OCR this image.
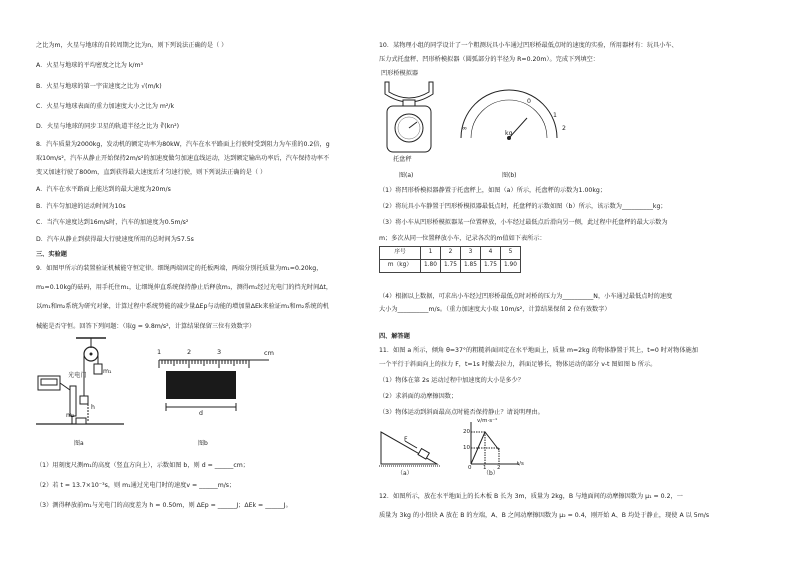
之比为m，火星与地球的自转周期之比为n，则下列说法正确的是（ ）
A．火星与地球的平均密度之比为 k/m³
B．火星与地球的第一宇宙速度之比为 √(m/k)
C．火星与地球表面的重力加速度大小之比为 m²/k
D．火星与地球的同步卫星的轨道半径之比为 ∛(kn²)
8．汽车质量为2000kg，发动机的额定功率为80kW，汽车在水平路面上行驶时受到阻力为车重的0.2倍，g
取10m/s²，汽车从静止开始保持2m/s²的加速度做匀加速直线运动，达到额定输出功率后，汽车保持功率不
变又加速行驶了800m，直到获得最大速度后才匀速行驶，则下列说法正确的是（ ）
A．汽车在水平路面上能达到的最大速度为20m/s
B．汽车匀加速的运动时间为10s
C．当汽车速度达到16m/s时，汽车的加速度为0.5m/s²
D．汽车从静止到获得最大行驶速度所用的总时间为57.5s
三、实验题
9．如图甲所示的装置验证机械能守恒定律。细绳两端固定的托板两端，两端分别托质量为m₁=0.20kg，
m₂=0.10kg的砝码，用手托住m₁，让细绳伸直系统保持静止后释放m₁，测得m₁经过光电门的挡光时间Δt，
以m₁和m₂系统为研究对象，计算过程中系统势能的减少量ΔEp与动能的增加量ΔEk来验证m₁和m₂系统的机
械能是否守恒。回答下列问题：（取g = 9.8m/s²，计算结果保留三位有效数字）
光电门
m₁
m₂
h
图a
1	2	3	cm
d
图b
（1）用刻度尺测m₁的高度（竖直方向上），示数如图 b，则 d = ______cm；
（2）若 t = 13.7×10⁻³s，则 m₁通过光电门时的速度v = ______m/s；
（3）测得释放前m₁与光电门的高度差为 h = 0.50m，则 ΔEp = ______J；ΔEk = ______J。
10．某物理小组的同学设计了一个粗测玩具小车通过凹形桥最低点时的速度的实验，所用器材有：玩具小车、
压力式托盘秤、凹形桥模拟器（圆弧部分的半径为 R=0.20m）。完成下列填空：
凹形桥模拟器
托盘秤
图(a)
0
1
2
∞
kg
图(b)
（1）将凹形桥模拟器静置于托盘秤上，如图（a）所示，托盘秤的示数为1.00kg；
（2）将玩具小车静置于凹形桥模拟器最低点时，托盘秤的示数如图（b）所示，该示数为__________kg；
（3）将小车从凹形桥模拟器某一位置释放，小车经过最低点后滑向另一侧，此过程中托盘秤的最大示数为
m；多次从同一位置释放小车，记录各次的m值如下表所示：
序号	1	2	3	4	5
m（kg）	1.80	1.75	1.85	1.75	1.90
（4）根据以上数据，可求出小车经过凹形桥最低点时对桥的压力为__________N，小车通过最低点时的速度
大小为__________m/s。（重力加速度大小取 10m/s²，计算结果保留 2 位有效数字）
四、解答题
11．如图 a 所示，倾角 θ=37°的粗糙斜面固定在水平地面上，质量 m=2kg 的物体静置于其上，t=0 时对物体施加
一个平行于斜面向上的拉力 F，t=1s 时撤去拉力，斜面足够长，物体运动的部分 v-t 图如图 b 所示。
（1）物体在第 2s 运动过程中加速度的大小是多少？
（2）求斜面的动摩擦因数；
（3）物体运动到斜面最高点时能否保持静止？请说明理由。
F
（a）
v/m·s⁻¹
20
10
0 1 2
t/s
（b）
12．如图所示，放在水平地面上的长木板 B 长为 3m，质量为 2kg，B 与地面间的动摩擦因数为 μ₁ = 0.2，一
质量为 3kg 的小铅块 A 放在 B 的左端，A、B 之间动摩擦因数为 μ₂ = 0.4，刚开始 A、B 均处于静止，现使 A 以 5m/s
